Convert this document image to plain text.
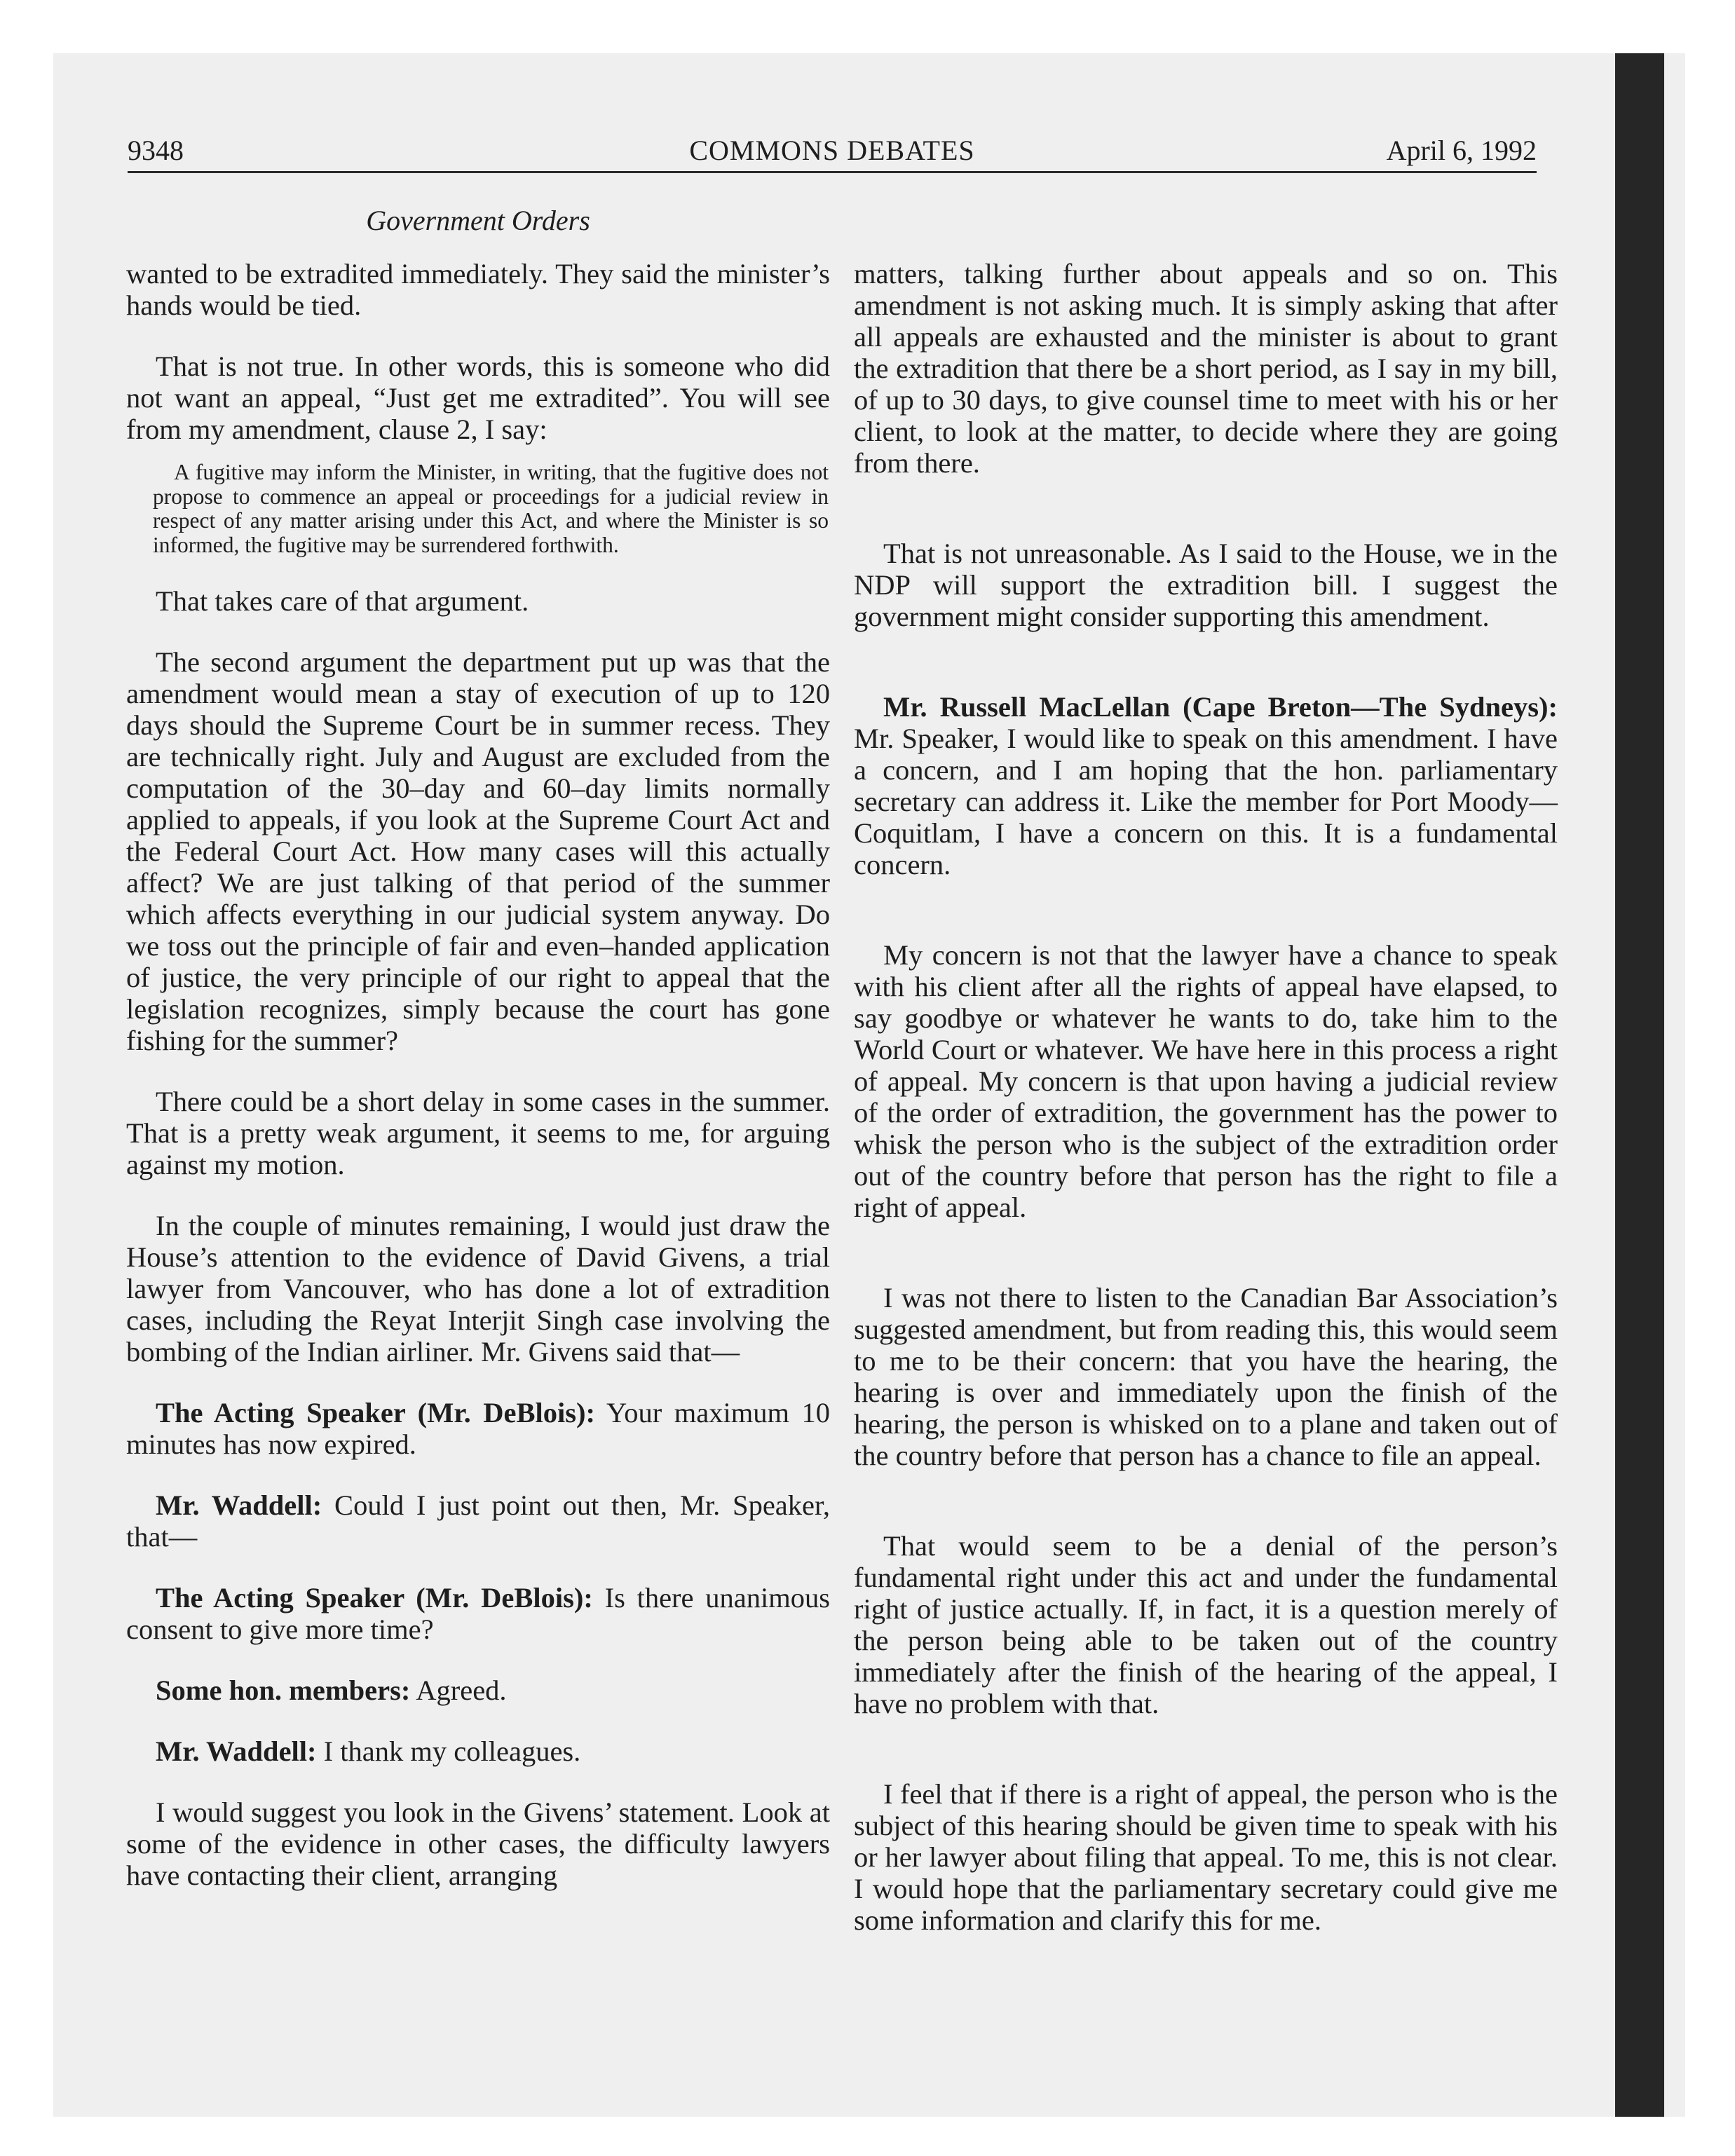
9348	COMMONS DEBATES	April 6, 1992
Government Orders

wanted to be extradited immediately. They said the minister’s hands would be tied.

That is not true. In other words, this is someone who did not want an appeal, “Just get me extradited”. You will see from my amendment, clause 2, I say:

A fugitive may inform the Minister, in writing, that the fugitive does not propose to commence an appeal or proceedings for a judicial review in respect of any matter arising under this Act, and where the Minister is so informed, the fugitive may be surrendered forthwith.

That takes care of that argument.

The second argument the department put up was that the amendment would mean a stay of execution of up to 120 days should the Supreme Court be in summer recess. They are technically right. July and August are excluded from the computation of the 30–day and 60–day limits normally applied to appeals, if you look at the Supreme Court Act and the Federal Court Act. How many cases will this actually affect? We are just talking of that period of the summer which affects everything in our judicial system anyway. Do we toss out the principle of fair and even–handed application of justice, the very principle of our right to appeal that the legislation recognizes, simply because the court has gone fishing for the summer?

There could be a short delay in some cases in the summer. That is a pretty weak argument, it seems to me, for arguing against my motion.

In the couple of minutes remaining, I would just draw the House’s attention to the evidence of David Givens, a trial lawyer from Vancouver, who has done a lot of extradition cases, including the Reyat Interjit Singh case involving the bombing of the Indian airliner. Mr. Givens said that—

The Acting Speaker (Mr. DeBlois): Your maximum 10 minutes has now expired.

Mr. Waddell: Could I just point out then, Mr. Speaker, that—

The Acting Speaker (Mr. DeBlois): Is there unanimous consent to give more time?

Some hon. members: Agreed.

Mr. Waddell: I thank my colleagues.

I would suggest you look in the Givens’ statement. Look at some of the evidence in other cases, the difficulty lawyers have contacting their client, arranging

matters, talking further about appeals and so on. This amendment is not asking much. It is simply asking that after all appeals are exhausted and the minister is about to grant the extradition that there be a short period, as I say in my bill, of up to 30 days, to give counsel time to meet with his or her client, to look at the matter, to decide where they are going from there.

That is not unreasonable. As I said to the House, we in the NDP will support the extradition bill. I suggest the government might consider supporting this amendment.

Mr. Russell MacLellan (Cape Breton—The Sydneys): Mr. Speaker, I would like to speak on this amendment. I have a concern, and I am hoping that the hon. parliamentary secretary can address it. Like the member for Port Moody—Coquitlam, I have a concern on this. It is a fundamental concern.

My concern is not that the lawyer have a chance to speak with his client after all the rights of appeal have elapsed, to say goodbye or whatever he wants to do, take him to the World Court or whatever. We have here in this process a right of appeal. My concern is that upon having a judicial review of the order of extradition, the government has the power to whisk the person who is the subject of the extradition order out of the country before that person has the right to file a right of appeal.

I was not there to listen to the Canadian Bar Association’s suggested amendment, but from reading this, this would seem to me to be their concern: that you have the hearing, the hearing is over and immediately upon the finish of the hearing, the person is whisked on to a plane and taken out of the country before that person has a chance to file an appeal.

That would seem to be a denial of the person’s fundamental right under this act and under the fundamental right of justice actually. If, in fact, it is a question merely of the person being able to be taken out of the country immediately after the finish of the hearing of the appeal, I have no problem with that.

I feel that if there is a right of appeal, the person who is the subject of this hearing should be given time to speak with his or her lawyer about filing that appeal. To me, this is not clear. I would hope that the parliamentary secretary could give me some information and clarify this for me.
